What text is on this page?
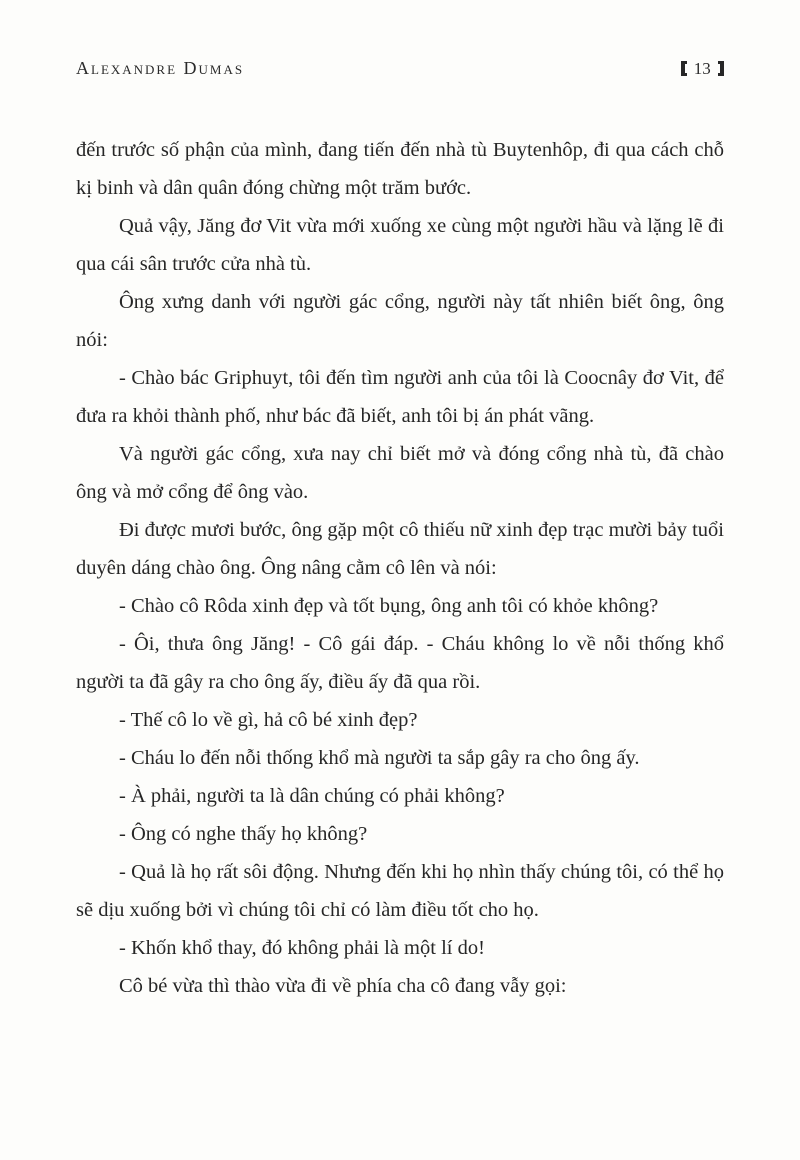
Alexandre Dumas	13

đến trước số phận của mình, đang tiến đến nhà tù Buytenhôp, đi qua cách chỗ kị binh và dân quân đóng chừng một trăm bước.

Quả vậy, Jăng đơ Vit vừa mới xuống xe cùng một người hầu và lặng lẽ đi qua cái sân trước cửa nhà tù.

Ông xưng danh với người gác cổng, người này tất nhiên biết ông, ông nói:

- Chào bác Griphuyt, tôi đến tìm người anh của tôi là Coocnây đơ Vit, để đưa ra khỏi thành phố, như bác đã biết, anh tôi bị án phát vãng.

Và người gác cổng, xưa nay chỉ biết mở và đóng cổng nhà tù, đã chào ông và mở cổng để ông vào.

Đi được mươi bước, ông gặp một cô thiếu nữ xinh đẹp trạc mười bảy tuổi duyên dáng chào ông. Ông nâng cằm cô lên và nói:

- Chào cô Rôda xinh đẹp và tốt bụng, ông anh tôi có khỏe không?

- Ôi, thưa ông Jăng! - Cô gái đáp. - Cháu không lo về nỗi thống khổ người ta đã gây ra cho ông ấy, điều ấy đã qua rồi.

- Thế cô lo về gì, hả cô bé xinh đẹp?

- Cháu lo đến nỗi thống khổ mà người ta sắp gây ra cho ông ấy.

- À phải, người ta là dân chúng có phải không?

- Ông có nghe thấy họ không?

- Quả là họ rất sôi động. Nhưng đến khi họ nhìn thấy chúng tôi, có thể họ sẽ dịu xuống bởi vì chúng tôi chỉ có làm điều tốt cho họ.

- Khốn khổ thay, đó không phải là một lí do!

Cô bé vừa thì thào vừa đi về phía cha cô đang vẫy gọi:
